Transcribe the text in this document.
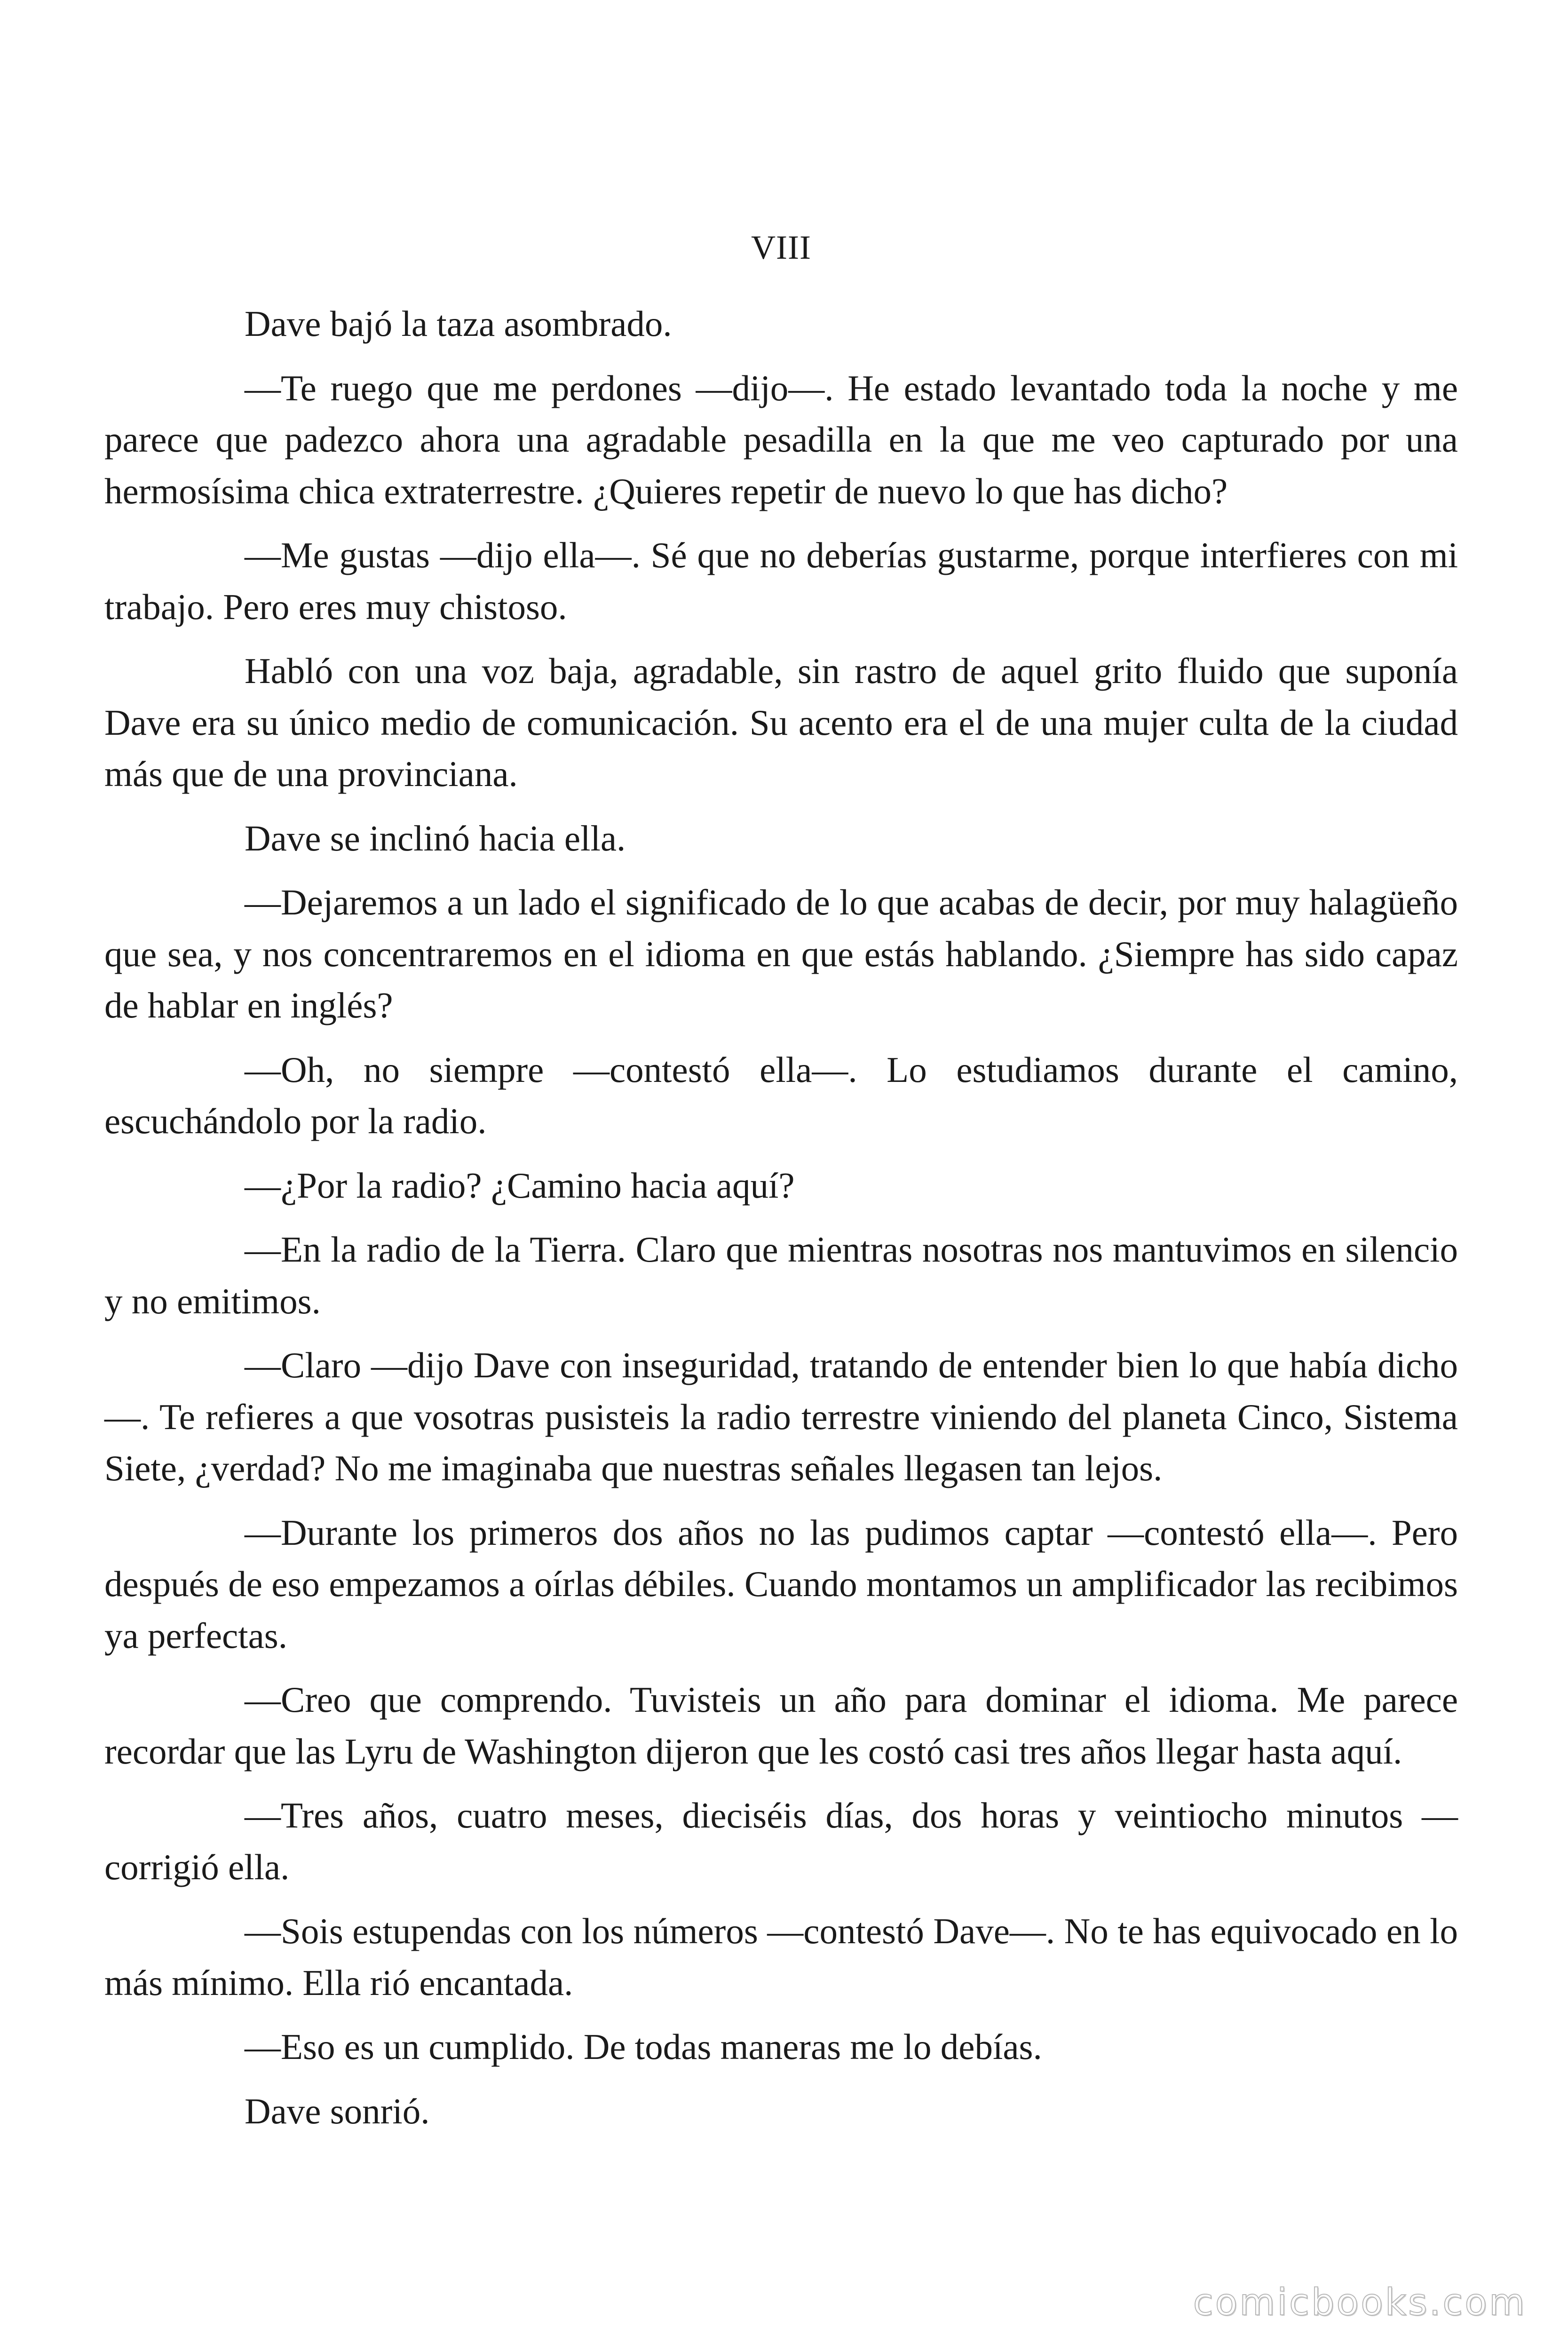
VIII

Dave bajó la taza asombrado.

—Te ruego que me perdones —dijo—. He estado levantado toda la noche y me parece que padezco ahora una agradable pesadilla en la que me veo capturado por una hermosísima chica extraterrestre. ¿Quieres repetir de nuevo lo que has dicho?

—Me gustas —dijo ella—. Sé que no deberías gustarme, porque interfieres con mi trabajo. Pero eres muy chistoso.

Habló con una voz baja, agradable, sin rastro de aquel grito fluido que suponía Dave era su único medio de comunicación. Su acento era el de una mujer culta de la ciudad más que de una provinciana.

Dave se inclinó hacia ella.

—Dejaremos a un lado el significado de lo que acabas de decir, por muy halagüeño que sea, y nos concentraremos en el idioma en que estás hablando. ¿Siempre has sido capaz de hablar en inglés?

—Oh, no siempre —contestó ella—. Lo estudiamos durante el camino, escuchándolo por la radio.

—¿Por la radio? ¿Camino hacia aquí?

—En la radio de la Tierra. Claro que mientras nosotras nos mantuvimos en silencio y no emitimos.

—Claro —dijo Dave con inseguridad, tratando de entender bien lo que había dicho—. Te refieres a que vosotras pusisteis la radio terrestre viniendo del planeta Cinco, Sistema Siete, ¿verdad? No me imaginaba que nuestras señales llegasen tan lejos.

—Durante los primeros dos años no las pudimos captar —contestó ella—. Pero después de eso empezamos a oírlas débiles. Cuando montamos un amplificador las recibimos ya perfectas.

—Creo que comprendo. Tuvisteis un año para dominar el idioma. Me parece recordar que las Lyru de Washington dijeron que les costó casi tres años llegar hasta aquí.

—Tres años, cuatro meses, dieciséis días, dos horas y veintiocho minutos —corrigió ella.

—Sois estupendas con los números —contestó Dave—. No te has equivocado en lo más mínimo. Ella rió encantada.

—Eso es un cumplido. De todas maneras me lo debías.

Dave sonrió.

comicbooks.com
